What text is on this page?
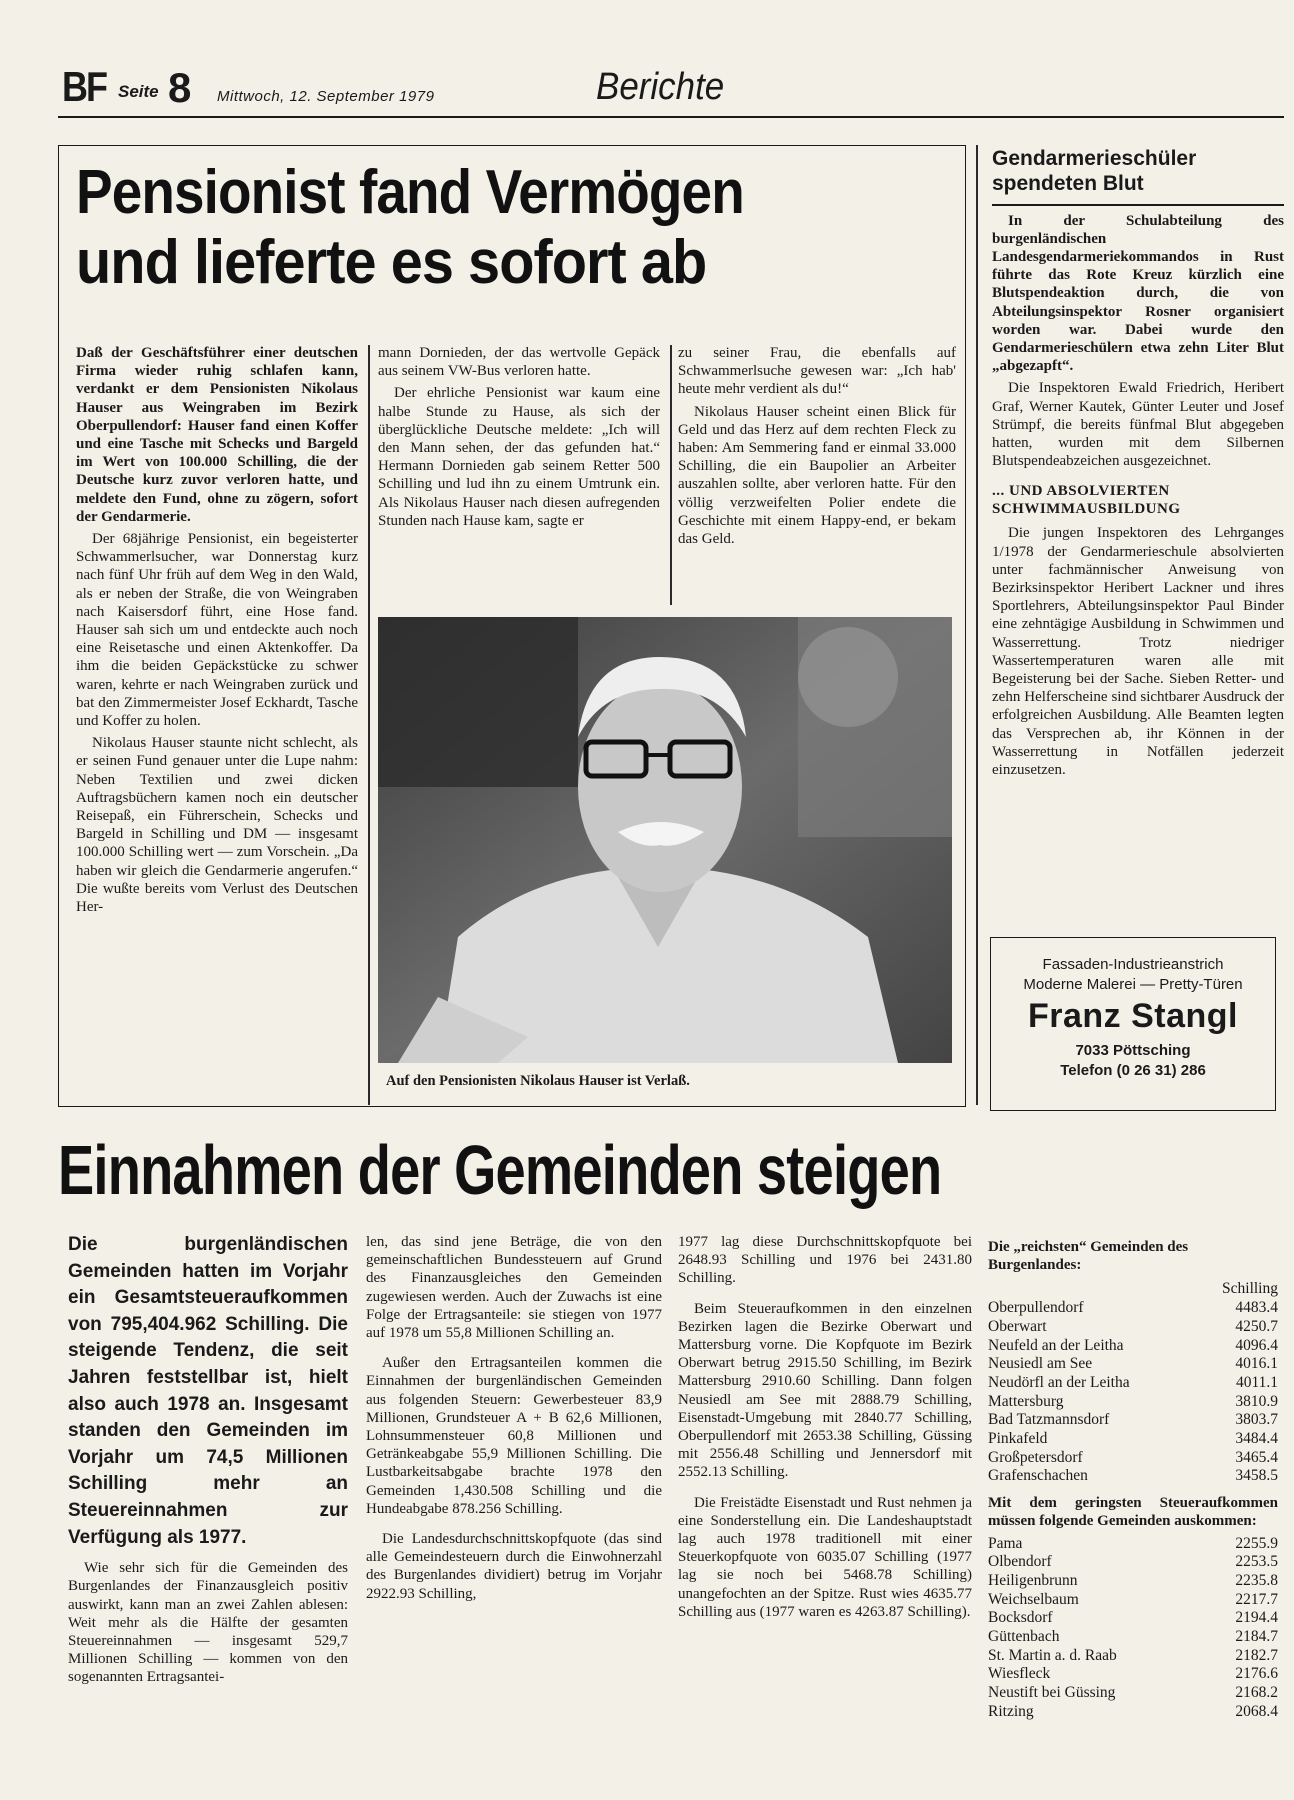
BF Seite 8 Mittwoch, 12. September 1979	Berichte
Pensionist fand Vermögen
und lieferte es sofort ab
Daß der Geschäftsführer einer deutschen Firma wieder ruhig schlafen kann, verdankt er dem Pensionisten Nikolaus Hauser aus Weingraben im Bezirk Oberpullendorf: Hauser fand einen Koffer und eine Tasche mit Schecks und Bargeld im Wert von 100.000 Schilling, die der Deutsche kurz zuvor verloren hatte, und meldete den Fund, ohne zu zögern, sofort der Gendarmerie.

Der 68jährige Pensionist, ein begeisterter Schwammerlsucher, war Donnerstag kurz nach fünf Uhr früh auf dem Weg in den Wald, als er neben der Straße, die von Weingraben nach Kaisersdorf führt, eine Hose fand. Hauser sah sich um und entdeckte auch noch eine Reisetasche und einen Aktenkoffer. Da ihm die beiden Gepäckstücke zu schwer waren, kehrte er nach Weingraben zurück und bat den Zimmermeister Josef Eckhardt, Tasche und Koffer zu holen.

Nikolaus Hauser staunte nicht schlecht, als er seinen Fund genauer unter die Lupe nahm: Neben Textilien und zwei dicken Auftragsbüchern kamen noch ein deutscher Reisepaß, ein Führerschein, Schecks und Bargeld in Schilling und DM — insgesamt 100.000 Schilling wert — zum Vorschein. „Da haben wir gleich die Gendarmerie angerufen.“ Die wußte bereits vom Verlust des Deutschen Her-

mann Dornieden, der das wertvolle Gepäck aus seinem VW-Bus verloren hatte.

Der ehrliche Pensionist war kaum eine halbe Stunde zu Hause, als sich der überglückliche Deutsche meldete: „Ich will den Mann sehen, der das gefunden hat.“ Hermann Dornieden gab seinem Retter 500 Schilling und lud ihn zu einem Umtrunk ein. Als Nikolaus Hauser nach diesen aufregenden Stunden nach Hause kam, sagte er

zu seiner Frau, die ebenfalls auf Schwammerlsuche gewesen war: „Ich hab' heute mehr verdient als du!“

Nikolaus Hauser scheint einen Blick für Geld und das Herz auf dem rechten Fleck zu haben: Am Semmering fand er einmal 33.000 Schilling, die ein Baupolier an Arbeiter auszahlen sollte, aber verloren hatte. Für den völlig verzweifelten Polier endete die Geschichte mit einem Happy-end, er bekam das Geld.

Auf den Pensionisten Nikolaus Hauser ist Verlaß.
Gendarmerieschüler
spendeten Blut

In der Schulabteilung des burgenländischen Landesgendarmeriekommandos in Rust führte das Rote Kreuz kürzlich eine Blutspendeaktion durch, die von Abteilungsinspektor Rosner organisiert worden war. Dabei wurde den Gendarmerieschülern etwa zehn Liter Blut „abgezapft“.

Die Inspektoren Ewald Friedrich, Heribert Graf, Werner Kautek, Günter Leuter und Josef Strümpf, die bereits fünfmal Blut abgegeben hatten, wurden mit dem Silbernen Blutspendeabzeichen ausgezeichnet.

... UND ABSOLVIERTEN
SCHWIMMAUSBILDUNG

Die jungen Inspektoren des Lehrganges 1/1978 der Gendarmerieschule absolvierten unter fachmännischer Anweisung von Bezirksinspektor Heribert Lackner und ihres Sportlehrers, Abteilungsinspektor Paul Binder eine zehntägige Ausbildung in Schwimmen und Wasserrettung. Trotz niedriger Wassertemperaturen waren alle mit Begeisterung bei der Sache. Sieben Retter- und zehn Helferscheine sind sichtbarer Ausdruck der erfolgreichen Ausbildung. Alle Beamten legten das Versprechen ab, ihr Können in der Wasserrettung in Notfällen jederzeit einzusetzen.

Fassaden-Industrieanstrich
Moderne Malerei — Pretty-Türen
Franz Stangl
7033 Pöttsching
Telefon (0 26 31) 286
Einnahmen der Gemeinden steigen
Die burgenländischen Gemeinden hatten im Vorjahr ein Gesamtsteueraufkommen von 795,404.962 Schilling. Die steigende Tendenz, die seit Jahren feststellbar ist, hielt also auch 1978 an. Insgesamt standen den Gemeinden im Vorjahr um 74,5 Millionen Schilling mehr an Steuereinnahmen zur Verfügung als 1977.

Wie sehr sich für die Gemeinden des Burgenlandes der Finanzausgleich positiv auswirkt, kann man an zwei Zahlen ablesen: Weit mehr als die Hälfte der gesamten Steuereinnahmen — insgesamt 529,7 Millionen Schilling — kommen von den sogenannten Ertragsantei-

len, das sind jene Beträge, die von den gemeinschaftlichen Bundessteuern auf Grund des Finanzausgleiches den Gemeinden zugewiesen werden. Auch der Zuwachs ist eine Folge der Ertragsanteile: sie stiegen von 1977 auf 1978 um 55,8 Millionen Schilling an.

Außer den Ertragsanteilen kommen die Einnahmen der burgenländischen Gemeinden aus folgenden Steuern: Gewerbesteuer 83,9 Millionen, Grundsteuer A + B 62,6 Millionen, Lohnsummensteuer 60,8 Millionen und Getränkeabgabe 55,9 Millionen Schilling. Die Lustbarkeitsabgabe brachte 1978 den Gemeinden 1,430.508 Schilling und die Hundeabgabe 878.256 Schilling.

Die Landesdurchschnittskopfquote (das sind alle Gemeindesteuern durch die Einwohnerzahl des Burgenlandes dividiert) betrug im Vorjahr 2922.93 Schilling,

1977 lag diese Durchschnittskopfquote bei 2648.93 Schilling und 1976 bei 2431.80 Schilling.

Beim Steueraufkommen in den einzelnen Bezirken lagen die Bezirke Oberwart und Mattersburg vorne. Die Kopfquote im Bezirk Oberwart betrug 2915.50 Schilling, im Bezirk Mattersburg 2910.60 Schilling. Dann folgen Neusiedl am See mit 2888.79 Schilling, Eisenstadt-Umgebung mit 2840.77 Schilling, Oberpullendorf mit 2653.38 Schilling, Güssing mit 2556.48 Schilling und Jennersdorf mit 2552.13 Schilling.

Die Freistädte Eisenstadt und Rust nehmen ja eine Sonderstellung ein. Die Landeshauptstadt lag auch 1978 traditionell mit einer Steuerkopfquote von 6035.07 Schilling (1977 lag sie noch bei 5468.78 Schilling) unangefochten an der Spitze. Rust wies 4635.77 Schilling aus (1977 waren es 4263.87 Schilling).

Die „reichsten“ Gemeinden des Burgenlandes:
Schilling
Oberpullendorf	4483.4
Oberwart	4250.7
Neufeld an der Leitha	4096.4
Neusiedl am See	4016.1
Neudörfl an der Leitha	4011.1
Mattersburg	3810.9
Bad Tatzmannsdorf	3803.7
Pinkafeld	3484.4
Großpetersdorf	3465.4
Grafenschachen	3458.5
Mit dem geringsten Steueraufkommen müssen folgende Gemeinden auskommen:
Pama	2255.9
Olbendorf	2253.5
Heiligenbrunn	2235.8
Weichselbaum	2217.7
Bocksdorf	2194.4
Güttenbach	2184.7
St. Martin a. d. Raab	2182.7
Wiesfleck	2176.6
Neustift bei Güssing	2168.2
Ritzing	2068.4
